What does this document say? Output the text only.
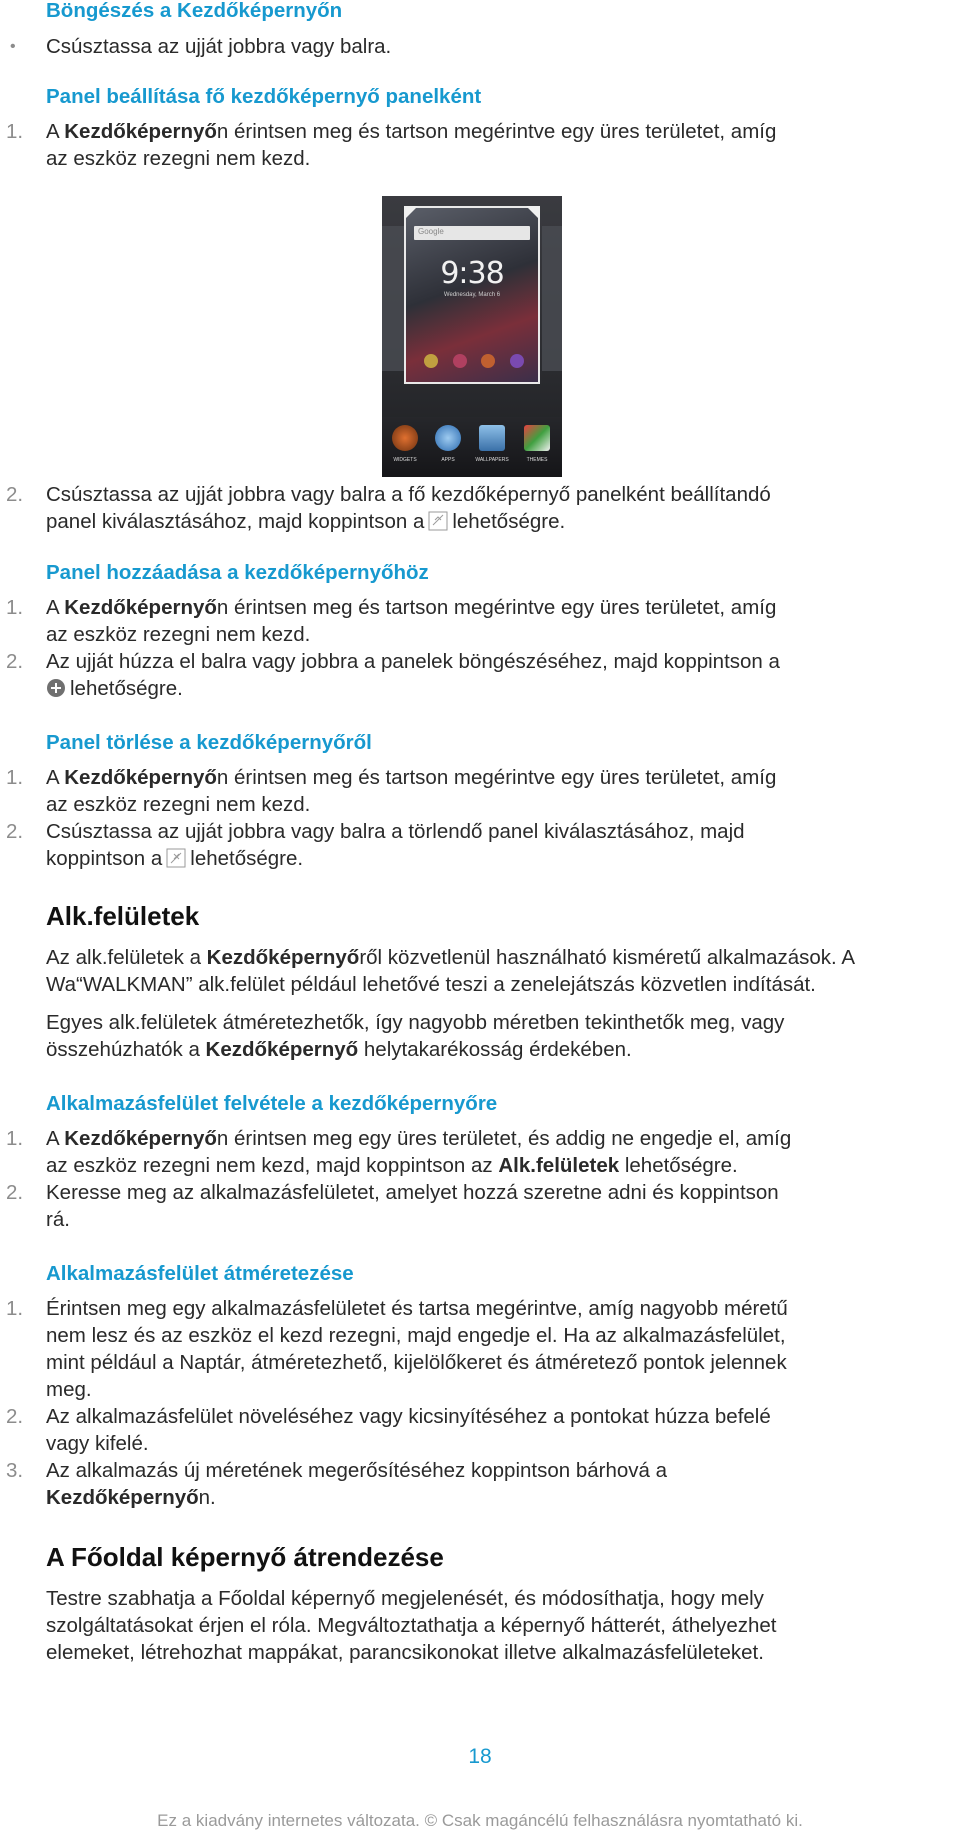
Böngészés a Kezdőképernyőn
• Csúsztassa az ujját jobbra vagy balra.
Panel beállítása fő kezdőképernyő panelként
1.	A Kezdőképernyőn érintsen meg és tartson megérintve egy üres területet, amíg
az eszköz rezegni nem kezd.
Google
9:38
Wednesday, March 6
WIDGETS	APPS	WALLPAPERS	THEMES
2.	Csúsztassa az ujját jobbra vagy balra a fő kezdőképernyő panelként beállítandó
panel kiválasztásához, majd koppintson a lehetőségre.
Panel hozzáadása a kezdőképernyőhöz
1.	A Kezdőképernyőn érintsen meg és tartson megérintve egy üres területet, amíg
az eszköz rezegni nem kezd.
2.	Az ujját húzza el balra vagy jobbra a panelek böngészéséhez, majd koppintson a
lehetőségre.
Panel törlése a kezdőképernyőről
1.	A Kezdőképernyőn érintsen meg és tartson megérintve egy üres területet, amíg
az eszköz rezegni nem kezd.
2.	Csúsztassa az ujját jobbra vagy balra a törlendő panel kiválasztásához, majd
koppintson a lehetőségre.
Alk.felületek
Az alk.felületek a Kezdőképernyőről közvetlenül használható kisméretű alkalmazások. A
Wa“WALKMAN” alk.felület például lehetővé teszi a zenelejátszás közvetlen indítását.
Egyes alk.felületek átméretezhetők, így nagyobb méretben tekinthetők meg, vagy
összehúzhatók a Kezdőképernyő helytakarékosság érdekében.
Alkalmazásfelület felvétele a kezdőképernyőre
1.	A Kezdőképernyőn érintsen meg egy üres területet, és addig ne engedje el, amíg
az eszköz rezegni nem kezd, majd koppintson az Alk.felületek lehetőségre.
2.	Keresse meg az alkalmazásfelületet, amelyet hozzá szeretne adni és koppintson
rá.
Alkalmazásfelület átméretezése
1.	Érintsen meg egy alkalmazásfelületet és tartsa megérintve, amíg nagyobb méretű
nem lesz és az eszköz el kezd rezegni, majd engedje el. Ha az alkalmazásfelület,
mint például a Naptár, átméretezhető, kijelölőkeret és átméretező pontok jelennek
meg.
2.	Az alkalmazásfelület növeléséhez vagy kicsinyítéséhez a pontokat húzza befelé
vagy kifelé.
3.	Az alkalmazás új méretének megerősítéséhez koppintson bárhová a
Kezdőképernyőn.
A Főoldal képernyő átrendezése
Testre szabhatja a Főoldal képernyő megjelenését, és módosíthatja, hogy mely
szolgáltatásokat érjen el róla. Megváltoztathatja a képernyő hátterét, áthelyezhet
elemeket, létrehozhat mappákat, parancsikonokat illetve alkalmazásfelületeket.
18
Ez a kiadvány internetes változata. © Csak magáncélú felhasználásra nyomtatható ki.
